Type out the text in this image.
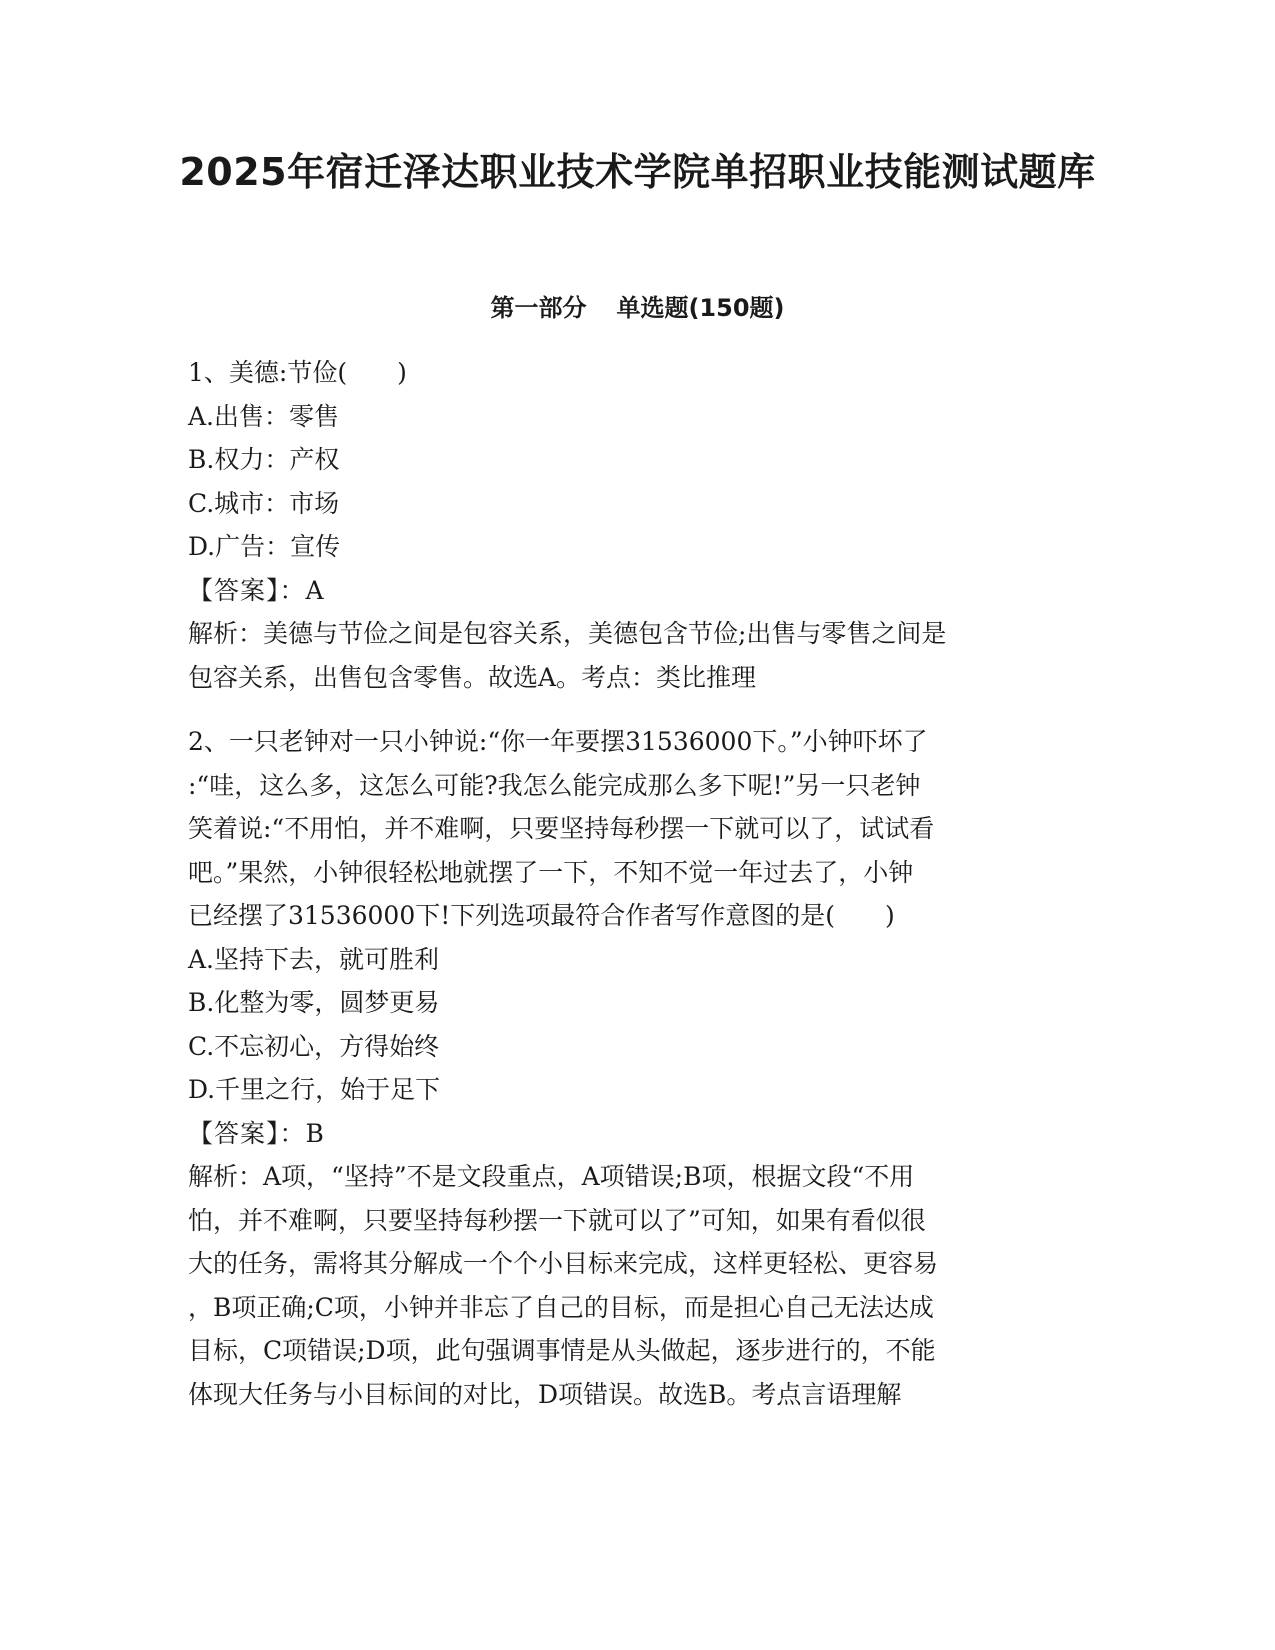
2025年宿迁泽达职业技术学院单招职业技能测试题库
第一部分 单选题(150题)
1、美德:节俭(　　)
A.出售：零售
B.权力：产权
C.城市：市场
D.广告：宣传
【答案】：A
解析：美德与节俭之间是包容关系，美德包含节俭;出售与零售之间是
包容关系，出售包含零售。故选A。考点：类比推理
2、一只老钟对一只小钟说:“你一年要摆31536000下。”小钟吓坏了
:“哇，这么多，这怎么可能?我怎么能完成那么多下呢!”另一只老钟
笑着说:“不用怕，并不难啊，只要坚持每秒摆一下就可以了，试试看
吧。”果然，小钟很轻松地就摆了一下，不知不觉一年过去了，小钟
已经摆了31536000下!下列选项最符合作者写作意图的是(　　)
A.坚持下去，就可胜利
B.化整为零，圆梦更易
C.不忘初心，方得始终
D.千里之行，始于足下
【答案】：B
解析：A项，“坚持”不是文段重点，A项错误;B项，根据文段“不用
怕，并不难啊，只要坚持每秒摆一下就可以了”可知，如果有看似很
大的任务，需将其分解成一个个小目标来完成，这样更轻松、更容易
，B项正确;C项，小钟并非忘了自己的目标，而是担心自己无法达成
目标，C项错误;D项，此句强调事情是从头做起，逐步进行的，不能
体现大任务与小目标间的对比，D项错误。故选B。考点言语理解
